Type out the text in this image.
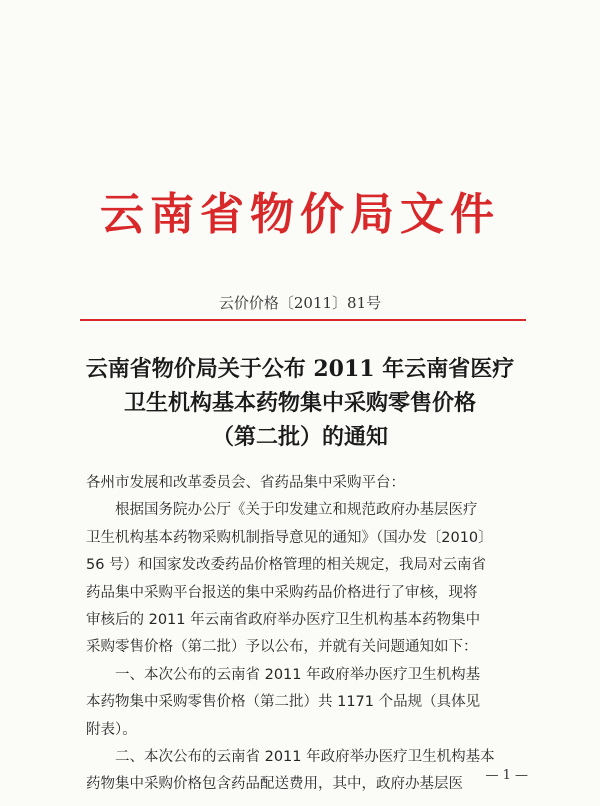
云南省物价局文件
云价价格〔2011〕81号
云南省物价局关于公布 2011 年云南省医疗
卫生机构基本药物集中采购零售价格
（第二批）的通知
各州市发展和改革委员会、省药品集中采购平台：
根据国务院办公厅《关于印发建立和规范政府办基层医疗
卫生机构基本药物采购机制指导意见的通知》（国办发〔2010〕
56 号）和国家发改委药品价格管理的相关规定，我局对云南省
药品集中采购平台报送的集中采购药品价格进行了审核，现将
审核后的 2011 年云南省政府举办医疗卫生机构基本药物集中
采购零售价格（第二批）予以公布，并就有关问题通知如下：
一、本次公布的云南省 2011 年政府举办医疗卫生机构基
本药物集中采购零售价格（第二批）共 1171 个品规（具体见
附表）。
二、本次公布的云南省 2011 年政府举办医疗卫生机构基本
药物集中采购价格包含药品配送费用，其中，政府办基层医
— 1 —
